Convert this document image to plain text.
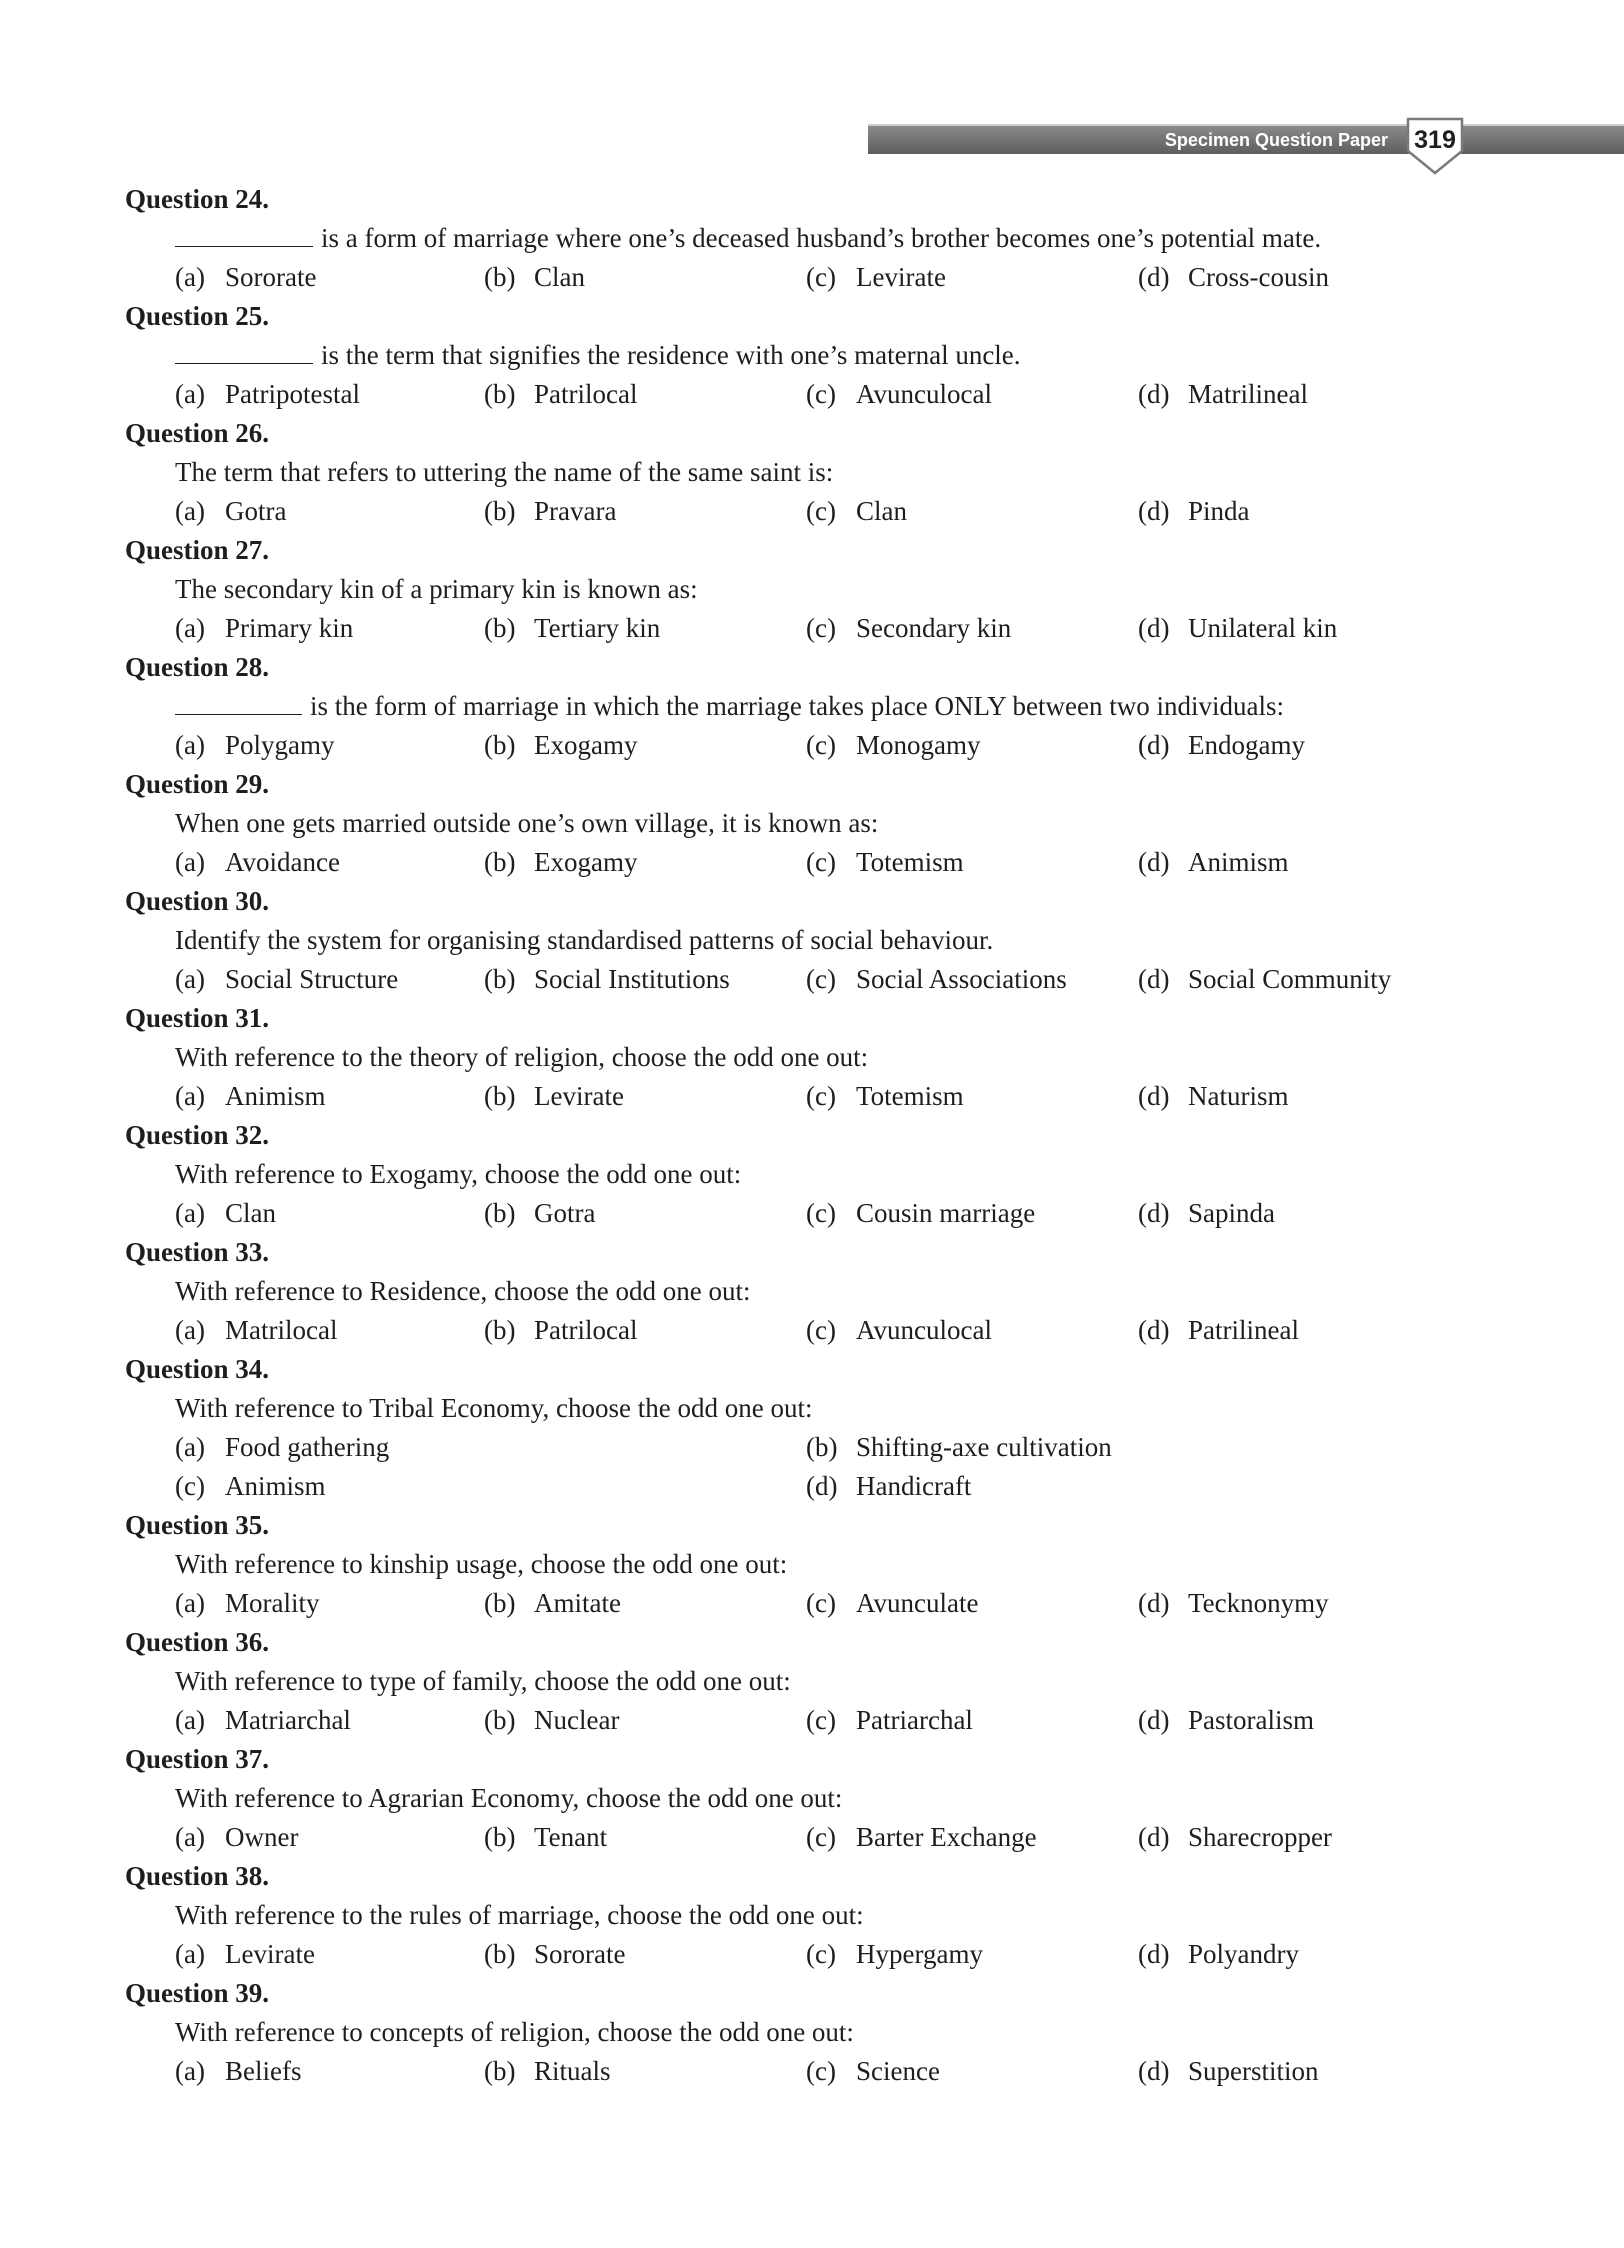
Specimen Question Paper	319
Question 24.
is a form of marriage where one’s deceased husband’s brother becomes one’s potential mate.
(a) Sororate	(b) Clan	(c) Levirate	(d) Cross-cousin
Question 25.
is the term that signifies the residence with one’s maternal uncle.
(a) Patripotestal	(b) Patrilocal	(c) Avunculocal	(d) Matrilineal
Question 26.
The term that refers to uttering the name of the same saint is:
(a) Gotra	(b) Pravara	(c) Clan	(d) Pinda
Question 27.
The secondary kin of a primary kin is known as:
(a) Primary kin	(b) Tertiary kin	(c) Secondary kin	(d) Unilateral kin
Question 28.
is the form of marriage in which the marriage takes place ONLY between two individuals:
(a) Polygamy	(b) Exogamy	(c) Monogamy	(d) Endogamy
Question 29.
When one gets married outside one’s own village, it is known as:
(a) Avoidance	(b) Exogamy	(c) Totemism	(d) Animism
Question 30.
Identify the system for organising standardised patterns of social behaviour.
(a) Social Structure	(b) Social Institutions	(c) Social Associations	(d) Social Community
Question 31.
With reference to the theory of religion, choose the odd one out:
(a) Animism	(b) Levirate	(c) Totemism	(d) Naturism
Question 32.
With reference to Exogamy, choose the odd one out:
(a) Clan	(b) Gotra	(c) Cousin marriage	(d) Sapinda
Question 33.
With reference to Residence, choose the odd one out:
(a) Matrilocal	(b) Patrilocal	(c) Avunculocal	(d) Patrilineal
Question 34.
With reference to Tribal Economy, choose the odd one out:
(a) Food gathering	(b) Shifting-axe cultivation
(c) Animism	(d) Handicraft
Question 35.
With reference to kinship usage, choose the odd one out:
(a) Morality	(b) Amitate	(c) Avunculate	(d) Tecknonymy
Question 36.
With reference to type of family, choose the odd one out:
(a) Matriarchal	(b) Nuclear	(c) Patriarchal	(d) Pastoralism
Question 37.
With reference to Agrarian Economy, choose the odd one out:
(a) Owner	(b) Tenant	(c) Barter Exchange	(d) Sharecropper
Question 38.
With reference to the rules of marriage, choose the odd one out:
(a) Levirate	(b) Sororate	(c) Hypergamy	(d) Polyandry
Question 39.
With reference to concepts of religion, choose the odd one out:
(a) Beliefs	(b) Rituals	(c) Science	(d) Superstition
